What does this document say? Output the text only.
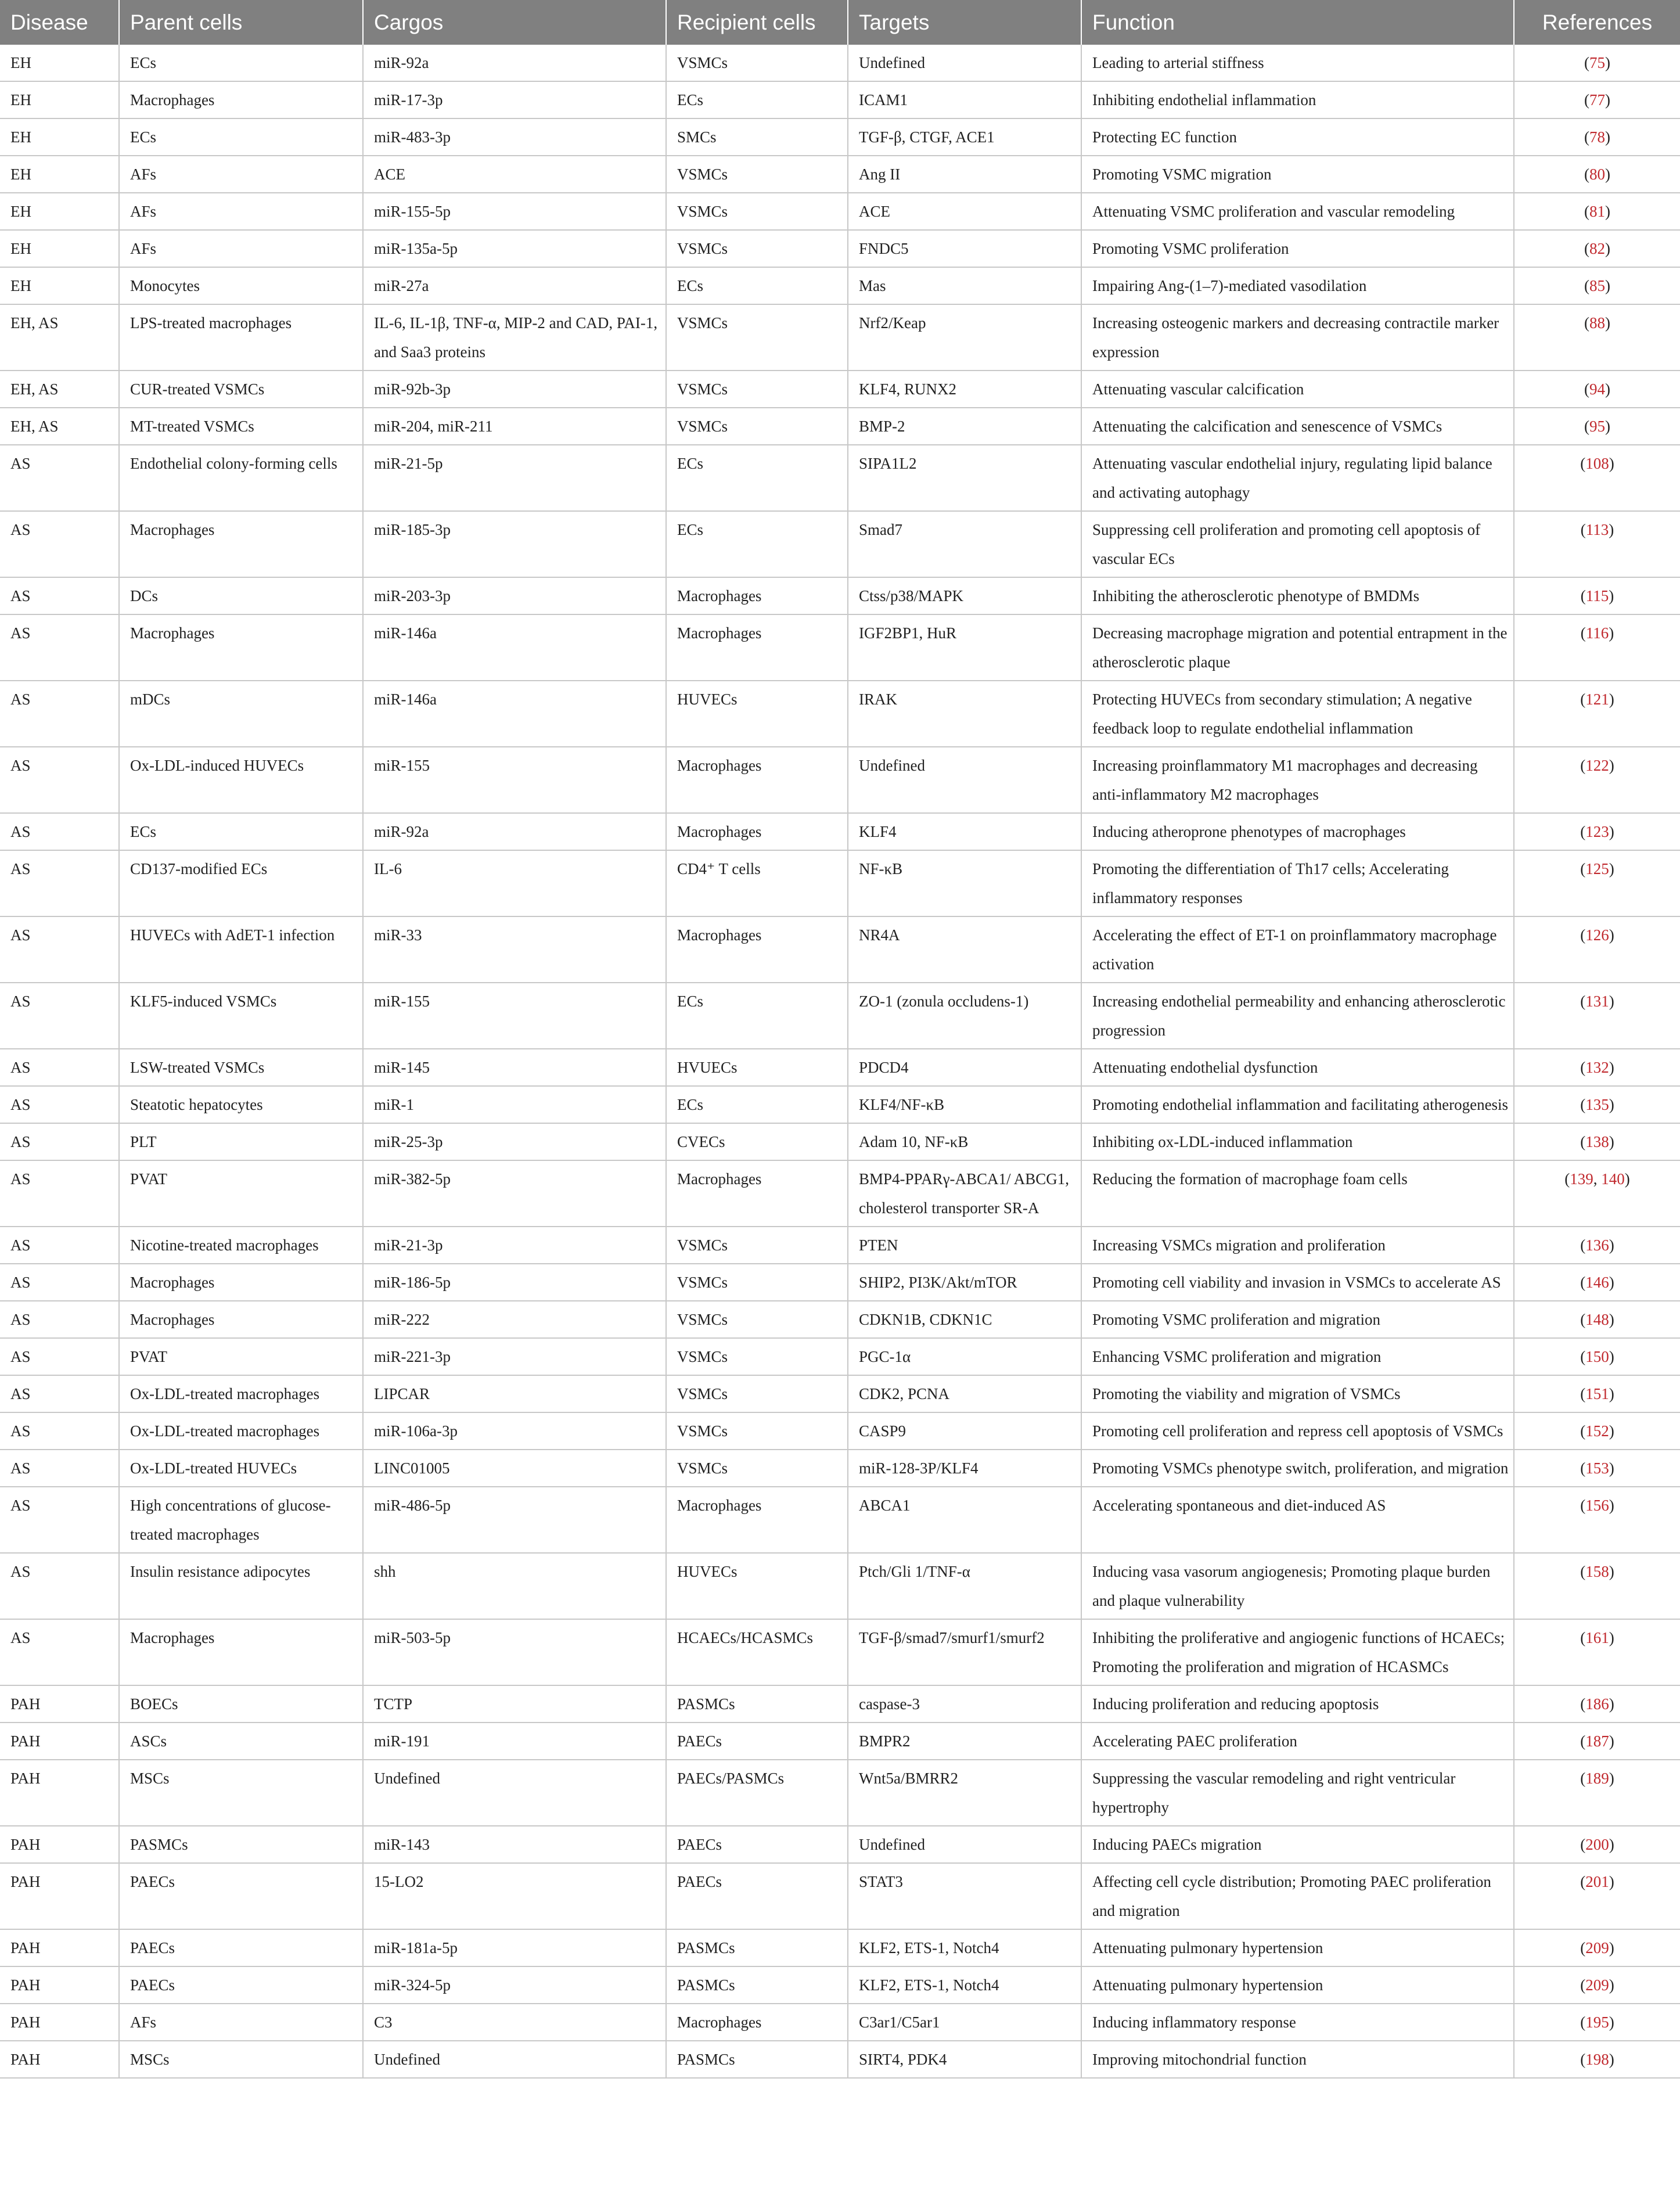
Disease	Parent cells	Cargos	Recipient cells	Targets	Function	References
EH	ECs	miR-92a	VSMCs	Undefined	Leading to arterial stiffness	(75)
EH	Macrophages	miR-17-3p	ECs	ICAM1	Inhibiting endothelial inflammation	(77)
EH	ECs	miR-483-3p	SMCs	TGF-β, CTGF, ACE1	Protecting EC function	(78)
EH	AFs	ACE	VSMCs	Ang II	Promoting VSMC migration	(80)
EH	AFs	miR-155-5p	VSMCs	ACE	Attenuating VSMC proliferation and vascular remodeling	(81)
EH	AFs	miR-135a-5p	VSMCs	FNDC5	Promoting VSMC proliferation	(82)
EH	Monocytes	miR-27a	ECs	Mas	Impairing Ang-(1–7)-mediated vasodilation	(85)
EH, AS	LPS-treated macrophages	IL-6, IL-1β, TNF-α, MIP-2 and CAD, PAI-1, and Saa3 proteins	VSMCs	Nrf2/Keap	Increasing osteogenic markers and decreasing contractile marker expression	(88)
EH, AS	CUR-treated VSMCs	miR-92b-3p	VSMCs	KLF4, RUNX2	Attenuating vascular calcification	(94)
EH, AS	MT-treated VSMCs	miR-204, miR-211	VSMCs	BMP-2	Attenuating the calcification and senescence of VSMCs	(95)
AS	Endothelial colony-forming cells	miR-21-5p	ECs	SIPA1L2	Attenuating vascular endothelial injury, regulating lipid balance and activating autophagy	(108)
AS	Macrophages	miR-185-3p	ECs	Smad7	Suppressing cell proliferation and promoting cell apoptosis of vascular ECs	(113)
AS	DCs	miR-203-3p	Macrophages	Ctss/p38/MAPK	Inhibiting the atherosclerotic phenotype of BMDMs	(115)
AS	Macrophages	miR-146a	Macrophages	IGF2BP1, HuR	Decreasing macrophage migration and potential entrapment in the atherosclerotic plaque	(116)
AS	mDCs	miR-146a	HUVECs	IRAK	Protecting HUVECs from secondary stimulation; A negative feedback loop to regulate endothelial inflammation	(121)
AS	Ox-LDL-induced HUVECs	miR-155	Macrophages	Undefined	Increasing proinflammatory M1 macrophages and decreasing anti-inflammatory M2 macrophages	(122)
AS	ECs	miR-92a	Macrophages	KLF4	Inducing atheroprone phenotypes of macrophages	(123)
AS	CD137-modified ECs	IL-6	CD4⁺ T cells	NF-κB	Promoting the differentiation of Th17 cells; Accelerating inflammatory responses	(125)
AS	HUVECs with AdET-1 infection	miR-33	Macrophages	NR4A	Accelerating the effect of ET-1 on proinflammatory macrophage activation	(126)
AS	KLF5-induced VSMCs	miR-155	ECs	ZO-1 (zonula occludens-1)	Increasing endothelial permeability and enhancing atherosclerotic progression	(131)
AS	LSW-treated VSMCs	miR-145	HVUECs	PDCD4	Attenuating endothelial dysfunction	(132)
AS	Steatotic hepatocytes	miR-1	ECs	KLF4/NF-κB	Promoting endothelial inflammation and facilitating atherogenesis	(135)
AS	PLT	miR-25-3p	CVECs	Adam 10, NF-κB	Inhibiting ox-LDL-induced inflammation	(138)
AS	PVAT	miR-382-5p	Macrophages	BMP4-PPARγ-ABCA1/ ABCG1, cholesterol transporter SR-A	Reducing the formation of macrophage foam cells	(139, 140)
AS	Nicotine-treated macrophages	miR-21-3p	VSMCs	PTEN	Increasing VSMCs migration and proliferation	(136)
AS	Macrophages	miR-186-5p	VSMCs	SHIP2, PI3K/Akt/mTOR	Promoting cell viability and invasion in VSMCs to accelerate AS	(146)
AS	Macrophages	miR-222	VSMCs	CDKN1B, CDKN1C	Promoting VSMC proliferation and migration	(148)
AS	PVAT	miR-221-3p	VSMCs	PGC-1α	Enhancing VSMC proliferation and migration	(150)
AS	Ox-LDL-treated macrophages	LIPCAR	VSMCs	CDK2, PCNA	Promoting the viability and migration of VSMCs	(151)
AS	Ox-LDL-treated macrophages	miR-106a-3p	VSMCs	CASP9	Promoting cell proliferation and repress cell apoptosis of VSMCs	(152)
AS	Ox-LDL-treated HUVECs	LINC01005	VSMCs	miR-128-3P/KLF4	Promoting VSMCs phenotype switch, proliferation, and migration	(153)
AS	High concentrations of glucose-treated macrophages	miR-486-5p	Macrophages	ABCA1	Accelerating spontaneous and diet-induced AS	(156)
AS	Insulin resistance adipocytes	shh	HUVECs	Ptch/Gli 1/TNF-α	Inducing vasa vasorum angiogenesis; Promoting plaque burden and plaque vulnerability	(158)
AS	Macrophages	miR-503-5p	HCAECs/HCASMCs	TGF-β/smad7/smurf1/smurf2	Inhibiting the proliferative and angiogenic functions of HCAECs; Promoting the proliferation and migration of HCASMCs	(161)
PAH	BOECs	TCTP	PASMCs	caspase-3	Inducing proliferation and reducing apoptosis	(186)
PAH	ASCs	miR-191	PAECs	BMPR2	Accelerating PAEC proliferation	(187)
PAH	MSCs	Undefined	PAECs/PASMCs	Wnt5a/BMRR2	Suppressing the vascular remodeling and right ventricular hypertrophy	(189)
PAH	PASMCs	miR-143	PAECs	Undefined	Inducing PAECs migration	(200)
PAH	PAECs	15-LO2	PAECs	STAT3	Affecting cell cycle distribution; Promoting PAEC proliferation and migration	(201)
PAH	PAECs	miR-181a-5p	PASMCs	KLF2, ETS-1, Notch4	Attenuating pulmonary hypertension	(209)
PAH	PAECs	miR-324-5p	PASMCs	KLF2, ETS-1, Notch4	Attenuating pulmonary hypertension	(209)
PAH	AFs	C3	Macrophages	C3ar1/C5ar1	Inducing inflammatory response	(195)
PAH	MSCs	Undefined	PASMCs	SIRT4, PDK4	Improving mitochondrial function	(198)
